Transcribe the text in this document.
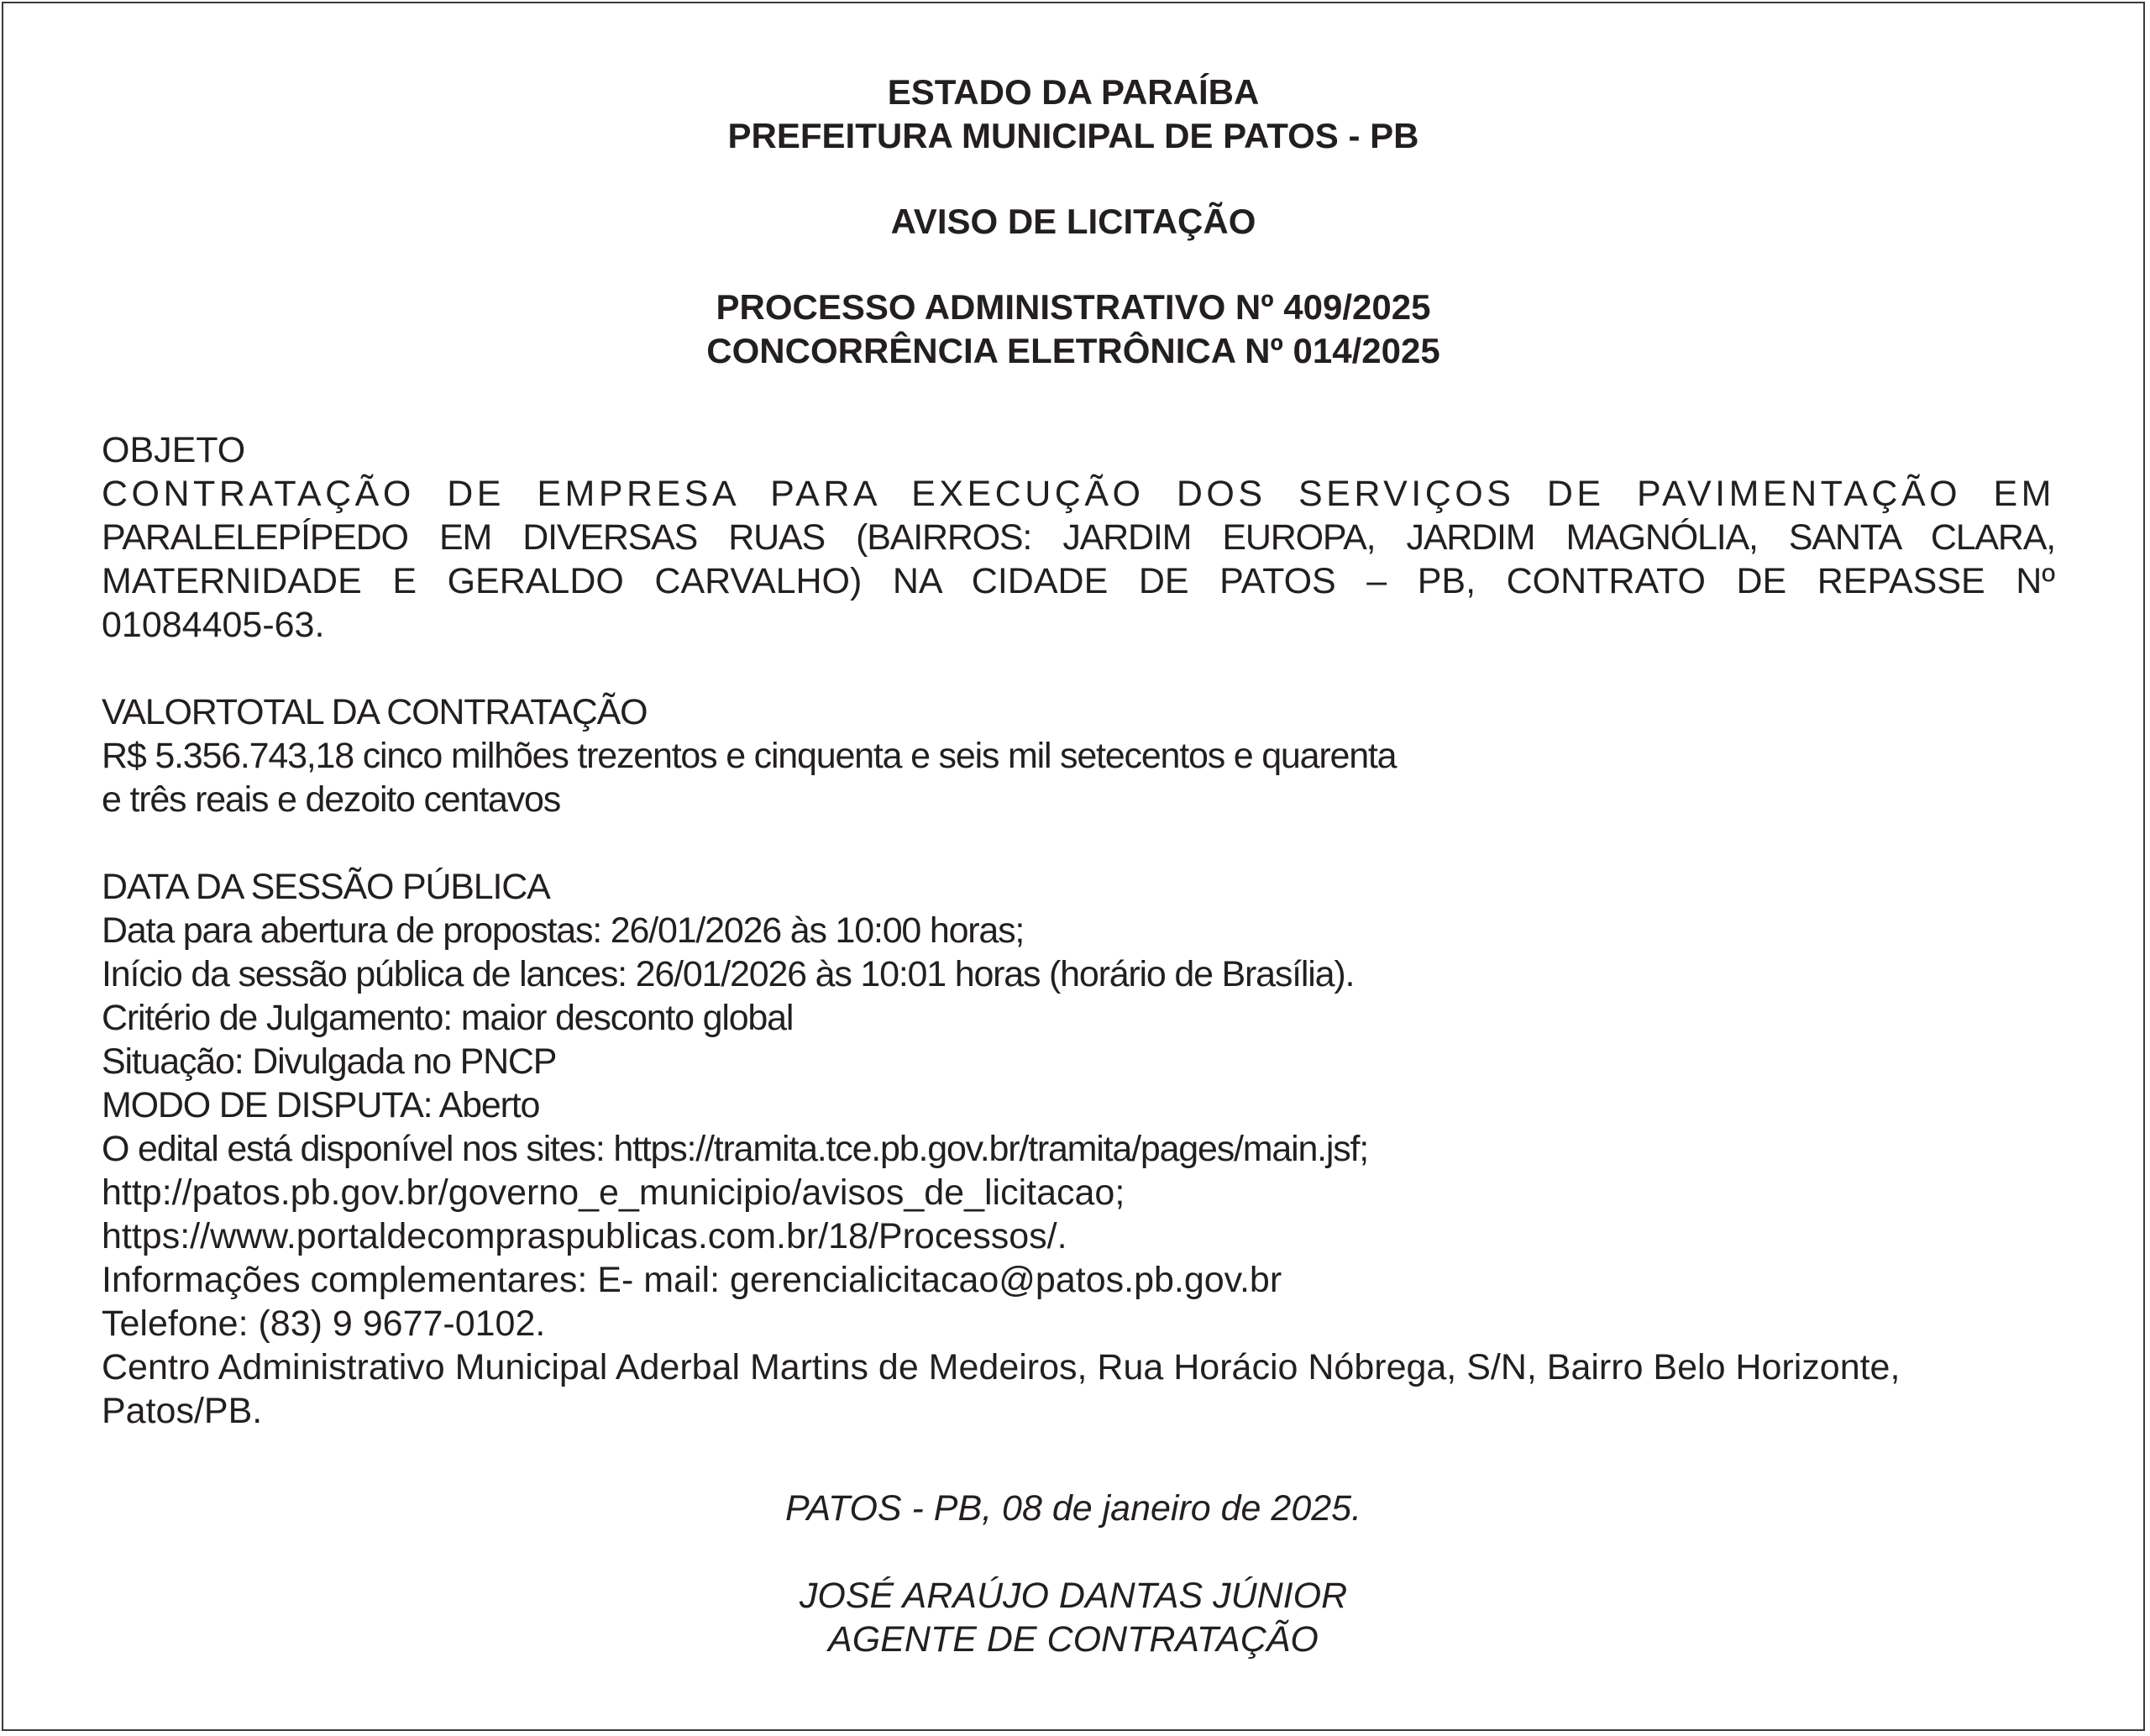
ESTADO DA PARAÍBA
PREFEITURA MUNICIPAL DE PATOS - PB
AVISO DE LICITAÇÃO
PROCESSO ADMINISTRATIVO Nº 409/2025
CONCORRÊNCIA ELETRÔNICA Nº 014/2025
OBJETO
CONTRATAÇÃO DE EMPRESA PARA EXECUÇÃO DOS SERVIÇOS DE PAVIMENTAÇÃO EM
PARALELEPÍPEDO EM DIVERSAS RUAS (BAIRROS: JARDIM EUROPA, JARDIM MAGNÓLIA, SANTA CLARA,
MATERNIDADE E GERALDO CARVALHO) NA CIDADE DE PATOS – PB, CONTRATO DE REPASSE Nº
01084405-63.
VALORTOTAL DA CONTRATAÇÃO
R$ 5.356.743,18 cinco milhões trezentos e cinquenta e seis mil setecentos e quarenta
e três reais e dezoito centavos
DATA DA SESSÃO PÚBLICA
Data para abertura de propostas: 26/01/2026 às 10:00 horas;
Início da sessão pública de lances: 26/01/2026 às 10:01 horas (horário de Brasília).
Critério de Julgamento: maior desconto global
Situação: Divulgada no PNCP
MODO DE DISPUTA: Aberto
O edital está disponível nos sites: https://tramita.tce.pb.gov.br/tramita/pages/main.jsf;
http://patos.pb.gov.br/governo_e_municipio/avisos_de_licitacao;
https://www.portaldecompraspublicas.com.br/18/Processos/.
Informações complementares: E- mail: gerencialicitacao@patos.pb.gov.br
Telefone: (83) 9 9677-0102.
Centro Administrativo Municipal Aderbal Martins de Medeiros, Rua Horácio Nóbrega, S/N, Bairro Belo Horizonte,
Patos/PB.
PATOS - PB, 08 de janeiro de 2025.
JOSÉ ARAÚJO DANTAS JÚNIOR
AGENTE DE CONTRATAÇÃO
